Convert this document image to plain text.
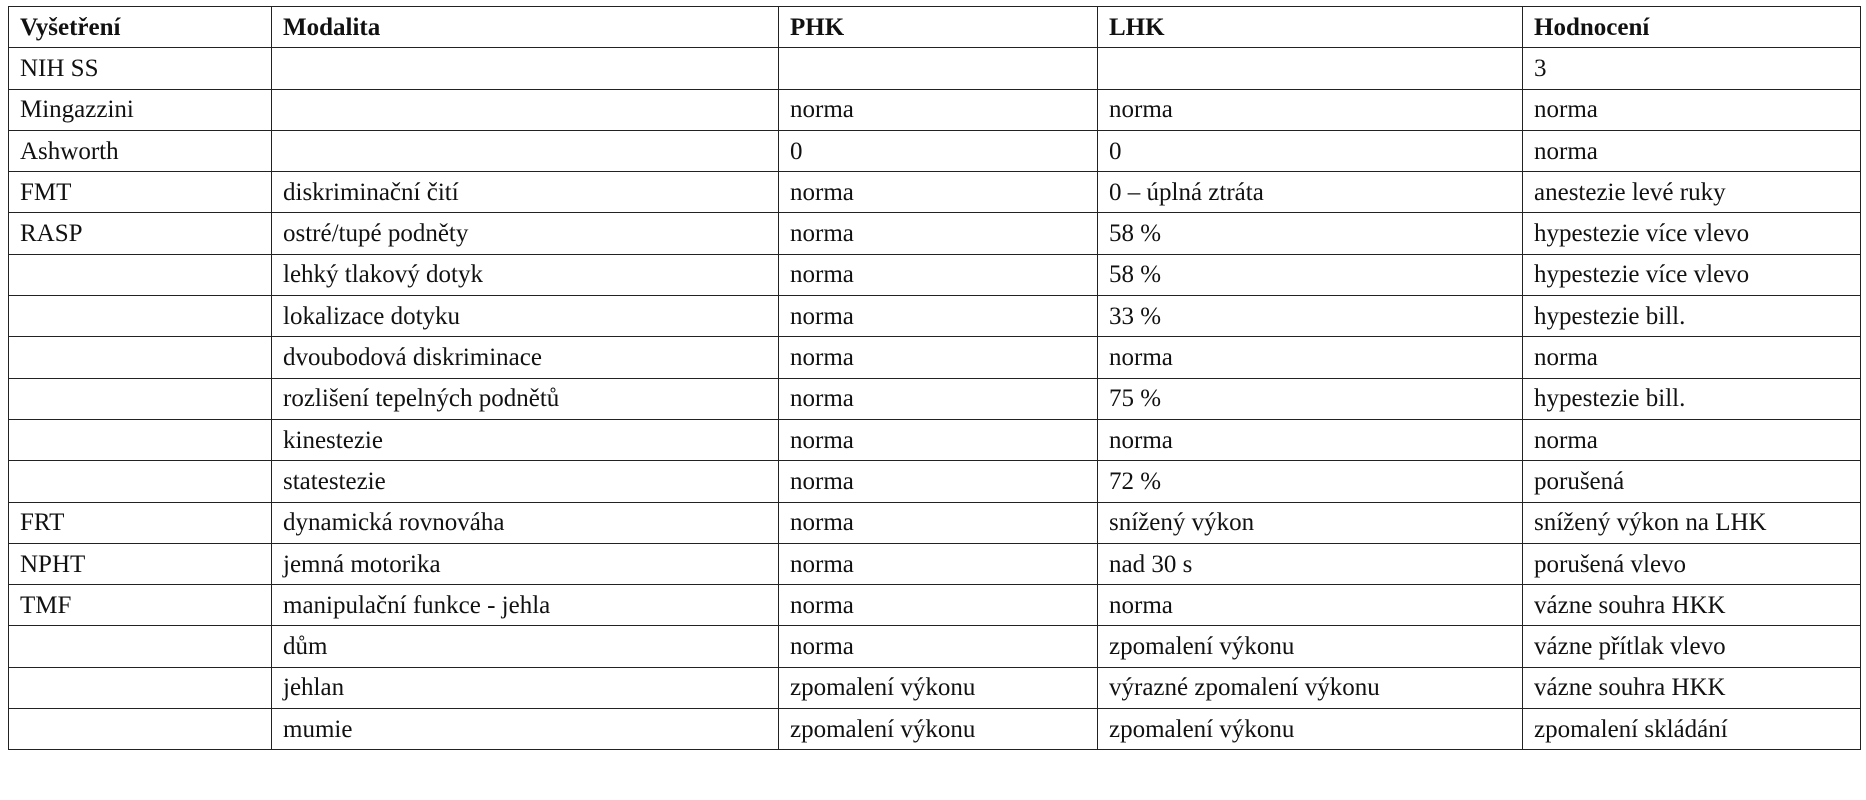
Vyšetření	Modalita	PHK	LHK	Hodnocení
NIH SS				3
Mingazzini		norma	norma	norma
Ashworth		0	0	norma
FMT	diskriminační čití	norma	0 – úplná ztráta	anestezie levé ruky
RASP	ostré/tupé podněty	norma	58 %	hypestezie více vlevo
	lehký tlakový dotyk	norma	58 %	hypestezie více vlevo
	lokalizace dotyku	norma	33 %	hypestezie bill.
	dvoubodová diskriminace	norma	norma	norma
	rozlišení tepelných podnětů	norma	75 %	hypestezie bill.
	kinestezie	norma	norma	norma
	statestezie	norma	72 %	porušená
FRT	dynamická rovnováha	norma	snížený výkon	snížený výkon na LHK
NPHT	jemná motorika	norma	nad 30 s	porušená vlevo
TMF	manipulační funkce - jehla	norma	norma	vázne souhra HKK
	dům	norma	zpomalení výkonu	vázne přítlak vlevo
	jehlan	zpomalení výkonu	výrazné zpomalení výkonu	vázne souhra HKK
	mumie	zpomalení výkonu	zpomalení výkonu	zpomalení skládání
